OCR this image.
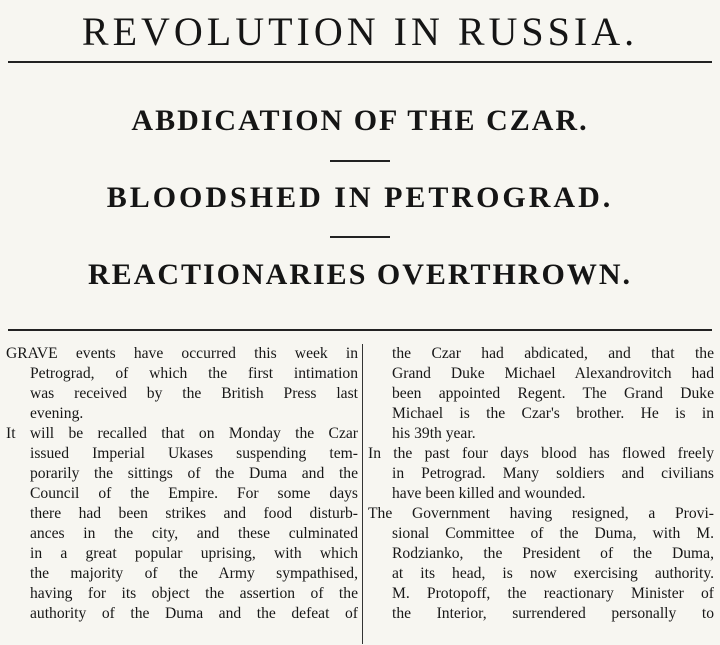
REVOLUTION IN RUSSIA.
ABDICATION OF THE CZAR.
BLOODSHED IN PETROGRAD.
REACTIONARIES OVERTHROWN.

GRAVE events have occurred this week in
Petrograd, of which the first intimation
was received by the British Press last
evening.

It will be recalled that on Monday the Czar
issued Imperial Ukases suspending tem-
porarily the sittings of the Duma and the
Council of the Empire. For some days
there had been strikes and food disturb-
ances in the city, and these culminated
in a great popular uprising, with which
the majority of the Army sympathised,
having for its object the assertion of the
authority of the Duma and the defeat of

the Czar had abdicated, and that the
Grand Duke Michael Alexandrovitch had
been appointed Regent. The Grand Duke
Michael is the Czar's brother. He is in
his 39th year.

In the past four days blood has flowed freely
in Petrograd. Many soldiers and civilians
have been killed and wounded.

The Government having resigned, a Provi-
sional Committee of the Duma, with M.
Rodzianko, the President of the Duma,
at its head, is now exercising authority.
M. Protopoff, the reactionary Minister of
the Interior, surrendered personally to
